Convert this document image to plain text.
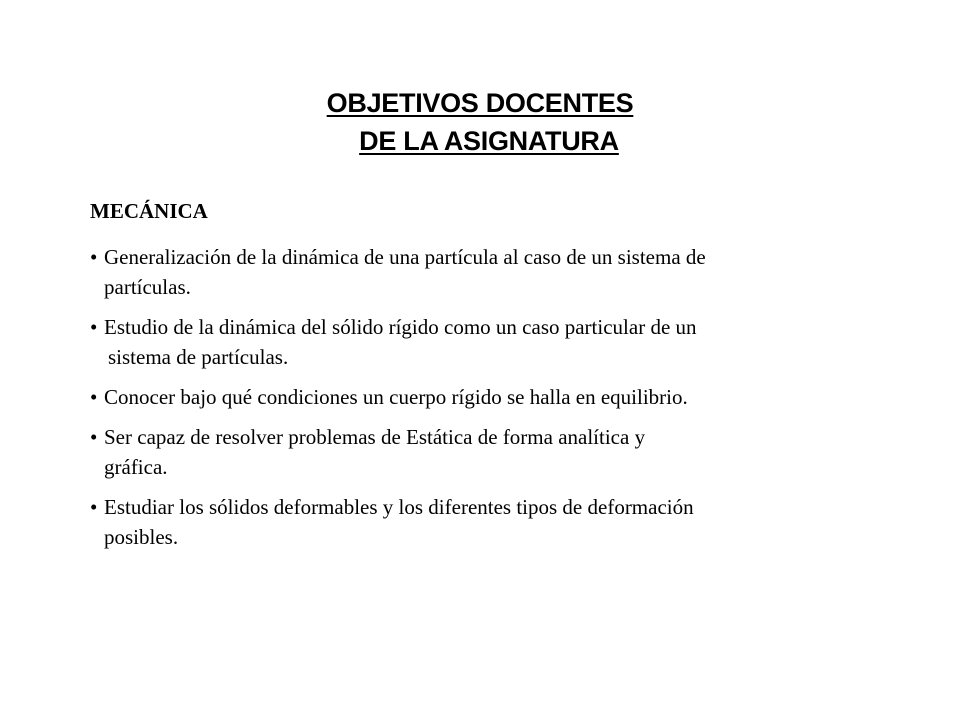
OBJETIVOS DOCENTES
DE LA ASIGNATURA
MECÁNICA
• Generalización de la dinámica de una partícula al caso de un sistema de
partículas.
• Estudio de la dinámica del sólido rígido como un caso particular de un
sistema de partículas.
• Conocer bajo qué condiciones un cuerpo rígido se halla en equilibrio.
• Ser capaz de resolver problemas de Estática de forma analítica y
gráfica.
• Estudiar los sólidos deformables y los diferentes tipos de deformación
posibles.
